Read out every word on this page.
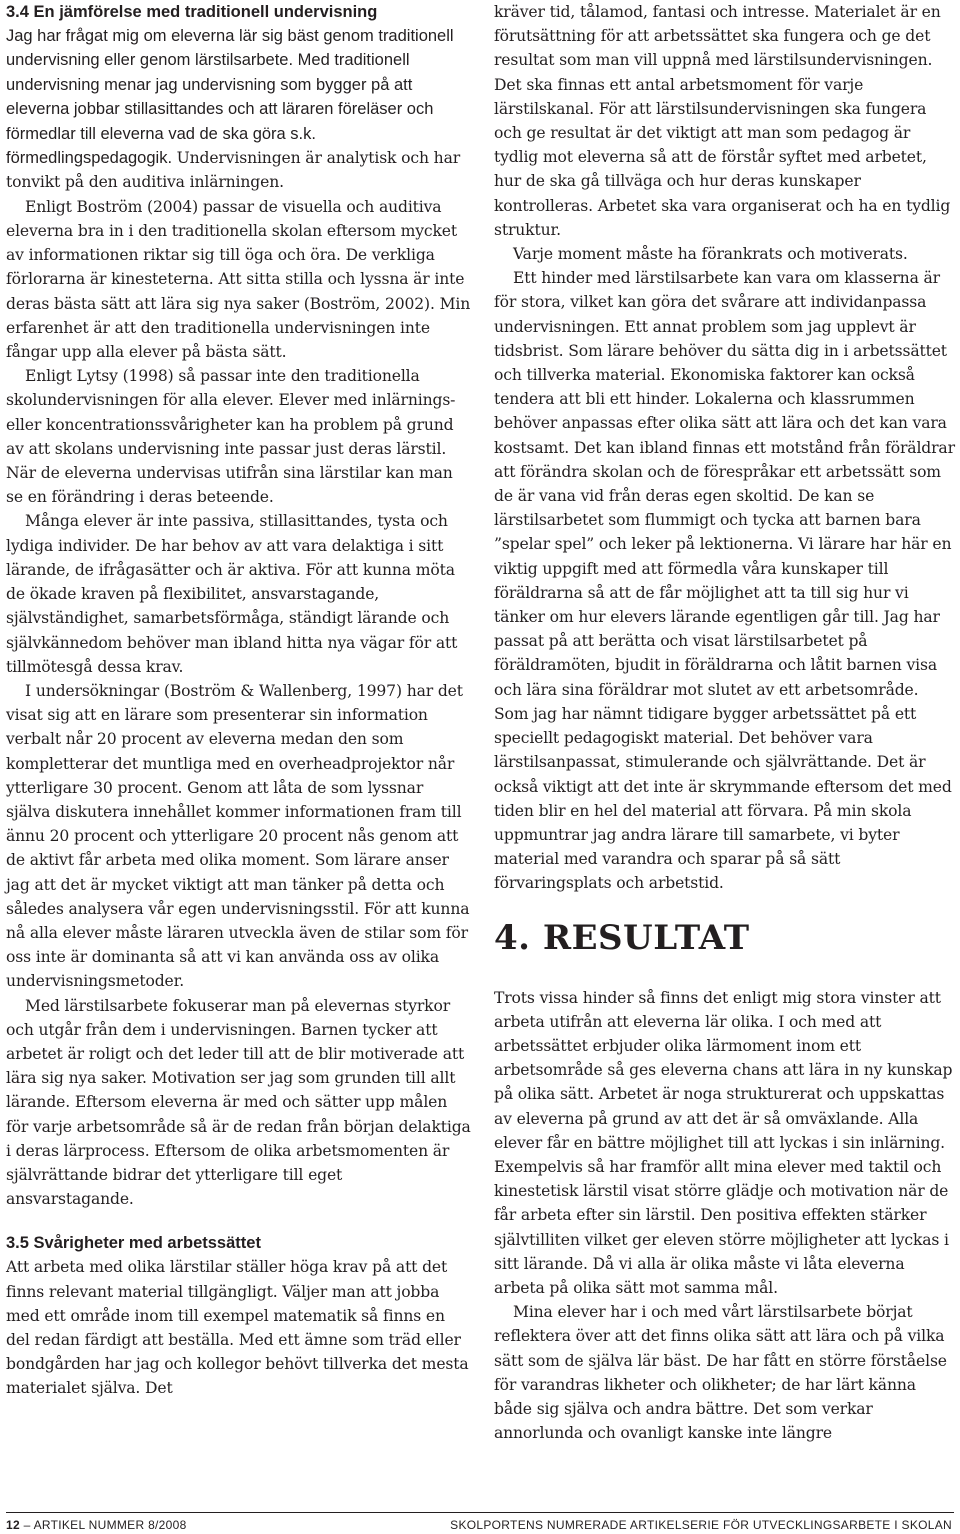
3.4 En jämförelse med traditionell undervisning

Jag har frågat mig om eleverna lär sig bäst genom traditionell undervisning eller genom lärstilsarbete. Med traditionell undervisning menar jag undervisning som bygger på att eleverna jobbar stillasittandes och att läraren föreläser och förmedlar till eleverna vad de ska göra s.k. förmedlingspedagogik. Undervisningen är analytisk och har tonvikt på den auditiva inlärningen.

Enligt Boström (2004) passar de visuella och auditiva eleverna bra in i den traditionella skolan eftersom mycket av informationen riktar sig till öga och öra. De verkliga förlorarna är kinesteterna. Att sitta stilla och lyssna är inte deras bästa sätt att lära sig nya saker (Boström, 2002). Min erfarenhet är att den traditionella undervisningen inte fångar upp alla elever på bästa sätt.

Enligt Lytsy (1998) så passar inte den traditionella skolundervisningen för alla elever. Elever med inlärnings- eller koncentrationssvårigheter kan ha problem på grund av att skolans undervisning inte passar just deras lärstil. När de eleverna undervisas utifrån sina lärstilar kan man se en förändring i deras beteende.

Många elever är inte passiva, stillasittandes, tysta och lydiga individer. De har behov av att vara delaktiga i sitt lärande, de ifrågasätter och är aktiva. För att kunna möta de ökade kraven på flexibilitet, ansvarstagande, självständighet, samarbetsförmåga, ständigt lärande och självkännedom behöver man ibland hitta nya vägar för att tillmötesgå dessa krav.

I undersökningar (Boström & Wallenberg, 1997) har det visat sig att en lärare som presenterar sin information verbalt når 20 procent av eleverna medan den som kompletterar det muntliga med en overheadprojektor når ytterligare 30 procent. Genom att låta de som lyssnar själva diskutera innehållet kommer informationen fram till ännu 20 procent och ytterligare 20 procent nås genom att de aktivt får arbeta med olika moment. Som lärare anser jag att det är mycket viktigt att man tänker på detta och således analysera vår egen undervisningsstil. För att kunna nå alla elever måste läraren utveckla även de stilar som för oss inte är dominanta så att vi kan använda oss av olika undervisningsmetoder.

Med lärstilsarbete fokuserar man på elevernas styrkor och utgår från dem i undervisningen. Barnen tycker att arbetet är roligt och det leder till att de blir motiverade att lära sig nya saker. Motivation ser jag som grunden till allt lärande. Eftersom eleverna är med och sätter upp målen för varje arbetsområde så är de redan från början delaktiga i deras lärprocess. Eftersom de olika arbetsmomenten är självrättande bidrar det ytterligare till eget ansvarstagande.

3.5 Svårigheter med arbetssättet

Att arbeta med olika lärstilar ställer höga krav på att det finns relevant material tillgängligt. Väljer man att jobba med ett område inom till exempel matematik så finns en del redan färdigt att beställa. Med ett ämne som träd eller bondgården har jag och kollegor behövt tillverka det mesta materialet själva. Det

kräver tid, tålamod, fantasi och intresse. Materialet är en förutsättning för att arbetssättet ska fungera och ge det resultat som man vill uppnå med lärstilsundervisningen. Det ska finnas ett antal arbetsmoment för varje lärstilskanal. För att lärstilsundervisningen ska fungera och ge resultat är det viktigt att man som pedagog är tydlig mot eleverna så att de förstår syftet med arbetet, hur de ska gå tillväga och hur deras kunskaper kontrolleras. Arbetet ska vara organiserat och ha en tydlig struktur.

Varje moment måste ha förankrats och motiverats.

Ett hinder med lärstilsarbete kan vara om klasserna är för stora, vilket kan göra det svårare att individanpassa undervisningen. Ett annat problem som jag upplevt är tidsbrist. Som lärare behöver du sätta dig in i arbetssättet och tillverka material. Ekonomiska faktorer kan också tendera att bli ett hinder. Lokalerna och klassrummen behöver anpassas efter olika sätt att lära och det kan vara kostsamt. Det kan ibland finnas ett motstånd från föräldrar att förändra skolan och de förespråkar ett arbetssätt som de är vana vid från deras egen skoltid. De kan se lärstilsarbetet som flummigt och tycka att barnen bara ”spelar spel” och leker på lektionerna. Vi lärare har här en viktig uppgift med att förmedla våra kunskaper till föräldrarna så att de får möjlighet att ta till sig hur vi tänker om hur elevers lärande egentligen går till. Jag har passat på att berätta och visat lärstilsarbetet på föräldramöten, bjudit in föräldrarna och låtit barnen visa och lära sina föräldrar mot slutet av ett arbetsområde. Som jag har nämnt tidigare bygger arbetssättet på ett speciellt pedagogiskt material. Det behöver vara lärstilsanpassat, stimulerande och självrättande. Det är också viktigt att det inte är skrymmande eftersom det med tiden blir en hel del material att förvara. På min skola uppmuntrar jag andra lärare till samarbete, vi byter material med varandra och sparar på så sätt förvaringsplats och arbetstid.

4. RESULTAT

Trots vissa hinder så finns det enligt mig stora vinster att arbeta utifrån att eleverna lär olika. I och med att arbetssättet erbjuder olika lärmoment inom ett arbetsområde så ges eleverna chans att lära in ny kunskap på olika sätt. Arbetet är noga strukturerat och uppskattas av eleverna på grund av att det är så omväxlande. Alla elever får en bättre möjlighet till att lyckas i sin inlärning. Exempelvis så har framför allt mina elever med taktil och kinestetisk lärstil visat större glädje och motivation när de får arbeta efter sin lärstil. Den positiva effekten stärker självtilliten vilket ger eleven större möjligheter att lyckas i sitt lärande. Då vi alla är olika måste vi låta eleverna arbeta på olika sätt mot samma mål.

Mina elever har i och med vårt lärstilsarbete börjat reflektera över att det finns olika sätt att lära och på vilka sätt som de själva lär bäst. De har fått en större förståelse för varandras likheter och olikheter; de har lärt känna både sig själva och andra bättre. Det som verkar annorlunda och ovanligt kanske inte längre

12 – ARTIKEL NUMMER 8/2008	SKOLPORTENS NUMRERADE ARTIKELSERIE FÖR UTVECKLINGSARBETE I SKOLAN
